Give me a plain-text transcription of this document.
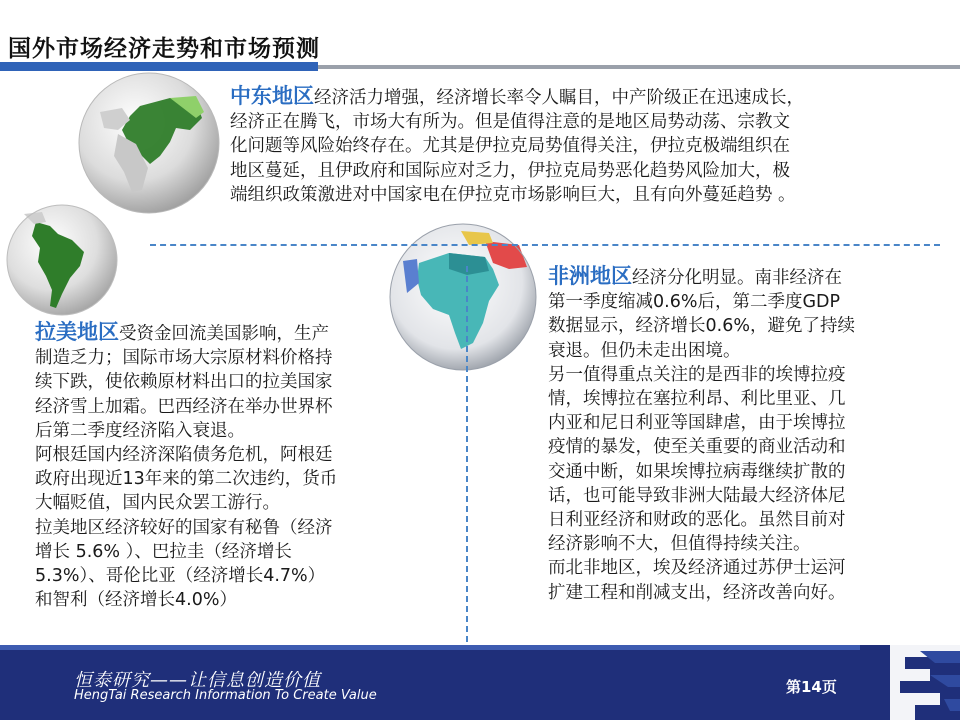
国外市场经济走势和市场预测

中东地区经济活力增强，经济增长率令人瞩目，中产阶级正在迅速成长，

经济正在腾飞，市场大有所为。但是值得注意的是地区局势动荡、宗教文

化问题等风险始终存在。尤其是伊拉克局势值得关注，伊拉克极端组织在

地区蔓延，且伊政府和国际应对乏力，伊拉克局势恶化趋势风险加大，极

端组织政策激进对中国家电在伊拉克市场影响巨大，且有向外蔓延趋势 。

拉美地区受资金回流美国影响，生产

制造乏力；国际市场大宗原材料价格持

续下跌，使依赖原材料出口的拉美国家

经济雪上加霜。巴西经济在举办世界杯

后第二季度经济陷入衰退。

阿根廷国内经济深陷债务危机，阿根廷

政府出现近13年来的第二次违约，货币

大幅贬值，国内民众罢工游行。

拉美地区经济较好的国家有秘鲁（经济

增长 5.6% ）、巴拉圭（经济增长

5.3%）、哥伦比亚（经济增长4.7%）

和智利（经济增长4.0%）

非洲地区经济分化明显。南非经济在

第一季度缩减0.6%后，第二季度GDP

数据显示，经济增长0.6%，避免了持续

衰退。但仍未走出困境。

另一值得重点关注的是西非的埃博拉疫

情，埃博拉在塞拉利昂、利比里亚、几

内亚和尼日利亚等国肆虐，由于埃博拉

疫情的暴发，使至关重要的商业活动和

交通中断，如果埃博拉病毒继续扩散的

话，也可能导致非洲大陆最大经济体尼

日利亚经济和财政的恶化。虽然目前对

经济影响不大，但值得持续关注。

而北非地区，埃及经济通过苏伊士运河

扩建工程和削减支出，经济改善向好。

恒泰研究——让信息创造价值
HengTai Research Information To Create Value	第14页
